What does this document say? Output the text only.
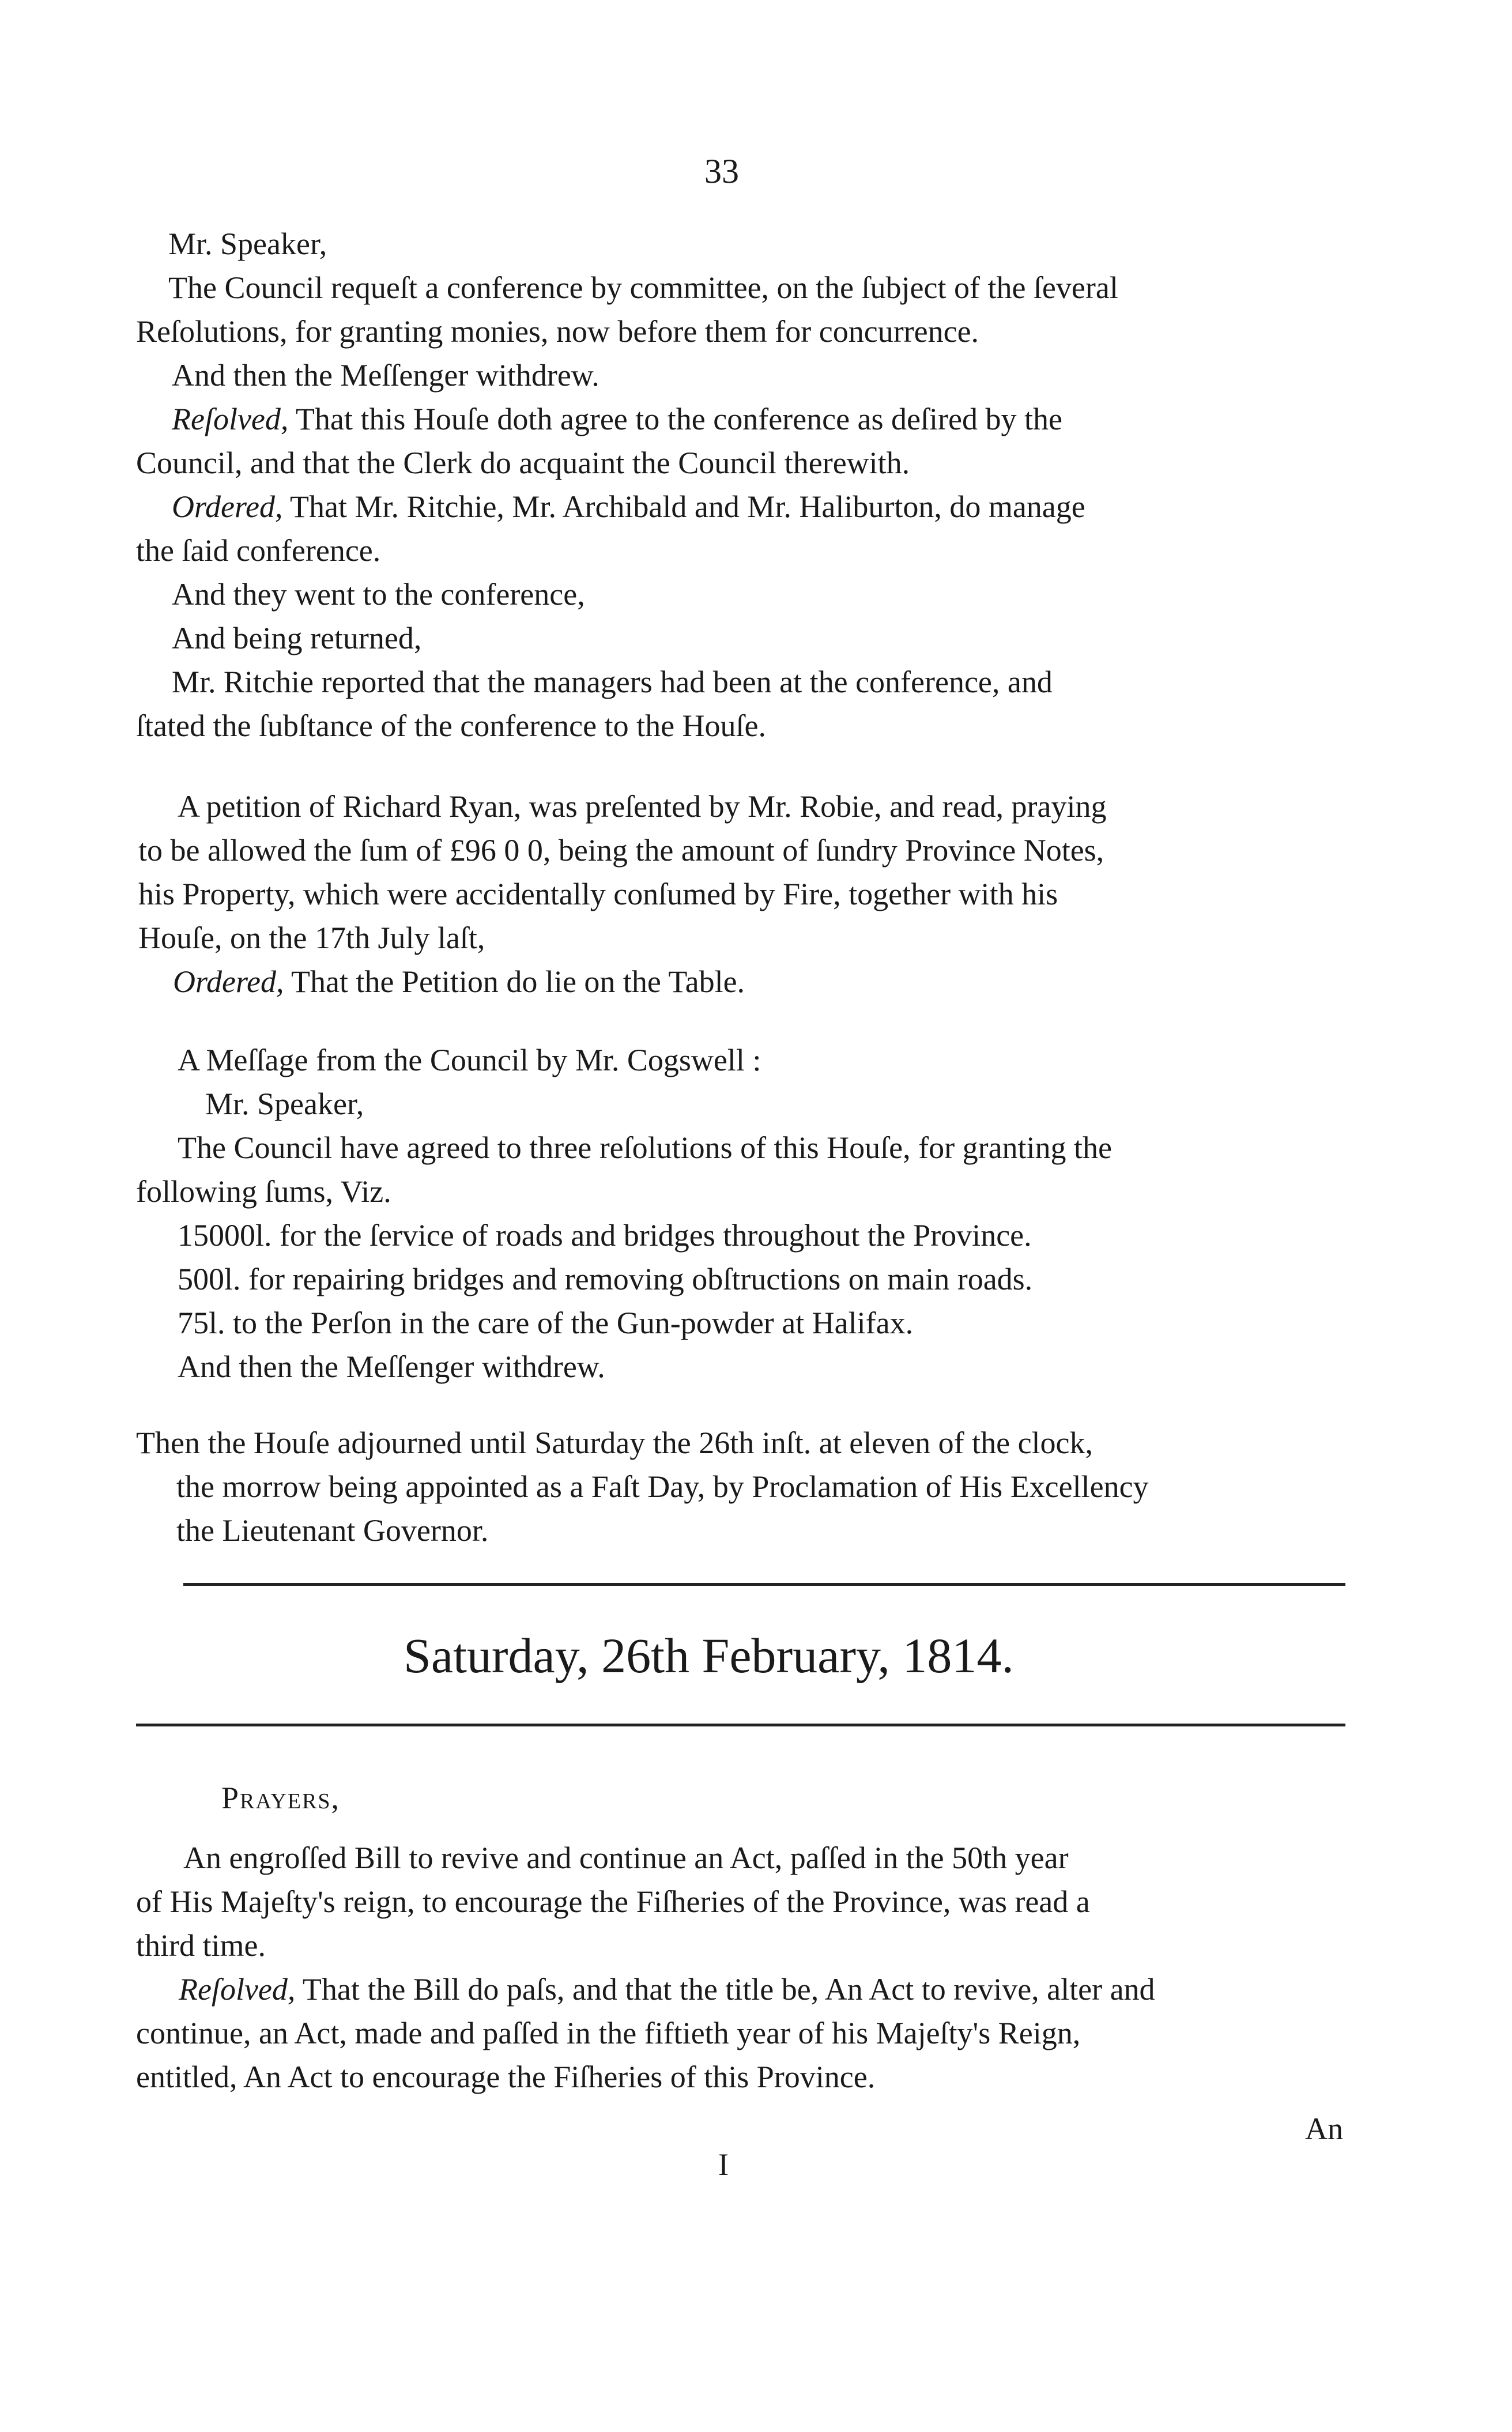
33
Mr. Speaker,
The Council requeſt a conference by committee, on the ſubject of the ſeveral
Reſolutions, for granting monies, now before them for concurrence.
And then the Meſſenger withdrew.
Reſolved, That this Houſe doth agree to the conference as deſired by the
Council, and that the Clerk do acquaint the Council therewith.
Ordered, That Mr. Ritchie, Mr. Archibald and Mr. Haliburton, do manage
the ſaid conference.
And they went to the conference,
And being returned,
Mr. Ritchie reported that the managers had been at the conference, and
ſtated the ſubſtance of the conference to the Houſe.
A petition of Richard Ryan, was preſented by Mr. Robie, and read, praying
to be allowed the ſum of £96 0 0, being the amount of ſundry Province Notes,
his Property, which were accidentally conſumed by Fire, together with his
Houſe, on the 17th July laſt,
Ordered, That the Petition do lie on the Table.
A Meſſage from the Council by Mr. Cogswell :
Mr. Speaker,
The Council have agreed to three reſolutions of this Houſe, for granting the
following ſums, Viz.
15000l. for the ſervice of roads and bridges throughout the Province.
500l. for repairing bridges and removing obſtructions on main roads.
75l. to the Perſon in the care of the Gun-powder at Halifax.
And then the Meſſenger withdrew.
Then the Houſe adjourned until Saturday the 26th inſt. at eleven of the clock,
the morrow being appointed as a Faſt Day, by Proclamation of His Excellency
the Lieutenant Governor.
Saturday, 26th February, 1814.
Prayers,
An engroſſed Bill to revive and continue an Act, paſſed in the 50th year
of His Majeſty's reign, to encourage the Fiſheries of the Province, was read a
third time.
Reſolved, That the Bill do paſs, and that the title be, An Act to revive, alter and
continue, an Act, made and paſſed in the fiftieth year of his Majeſty's Reign,
entitled, An Act to encourage the Fiſheries of this Province.
An
I
